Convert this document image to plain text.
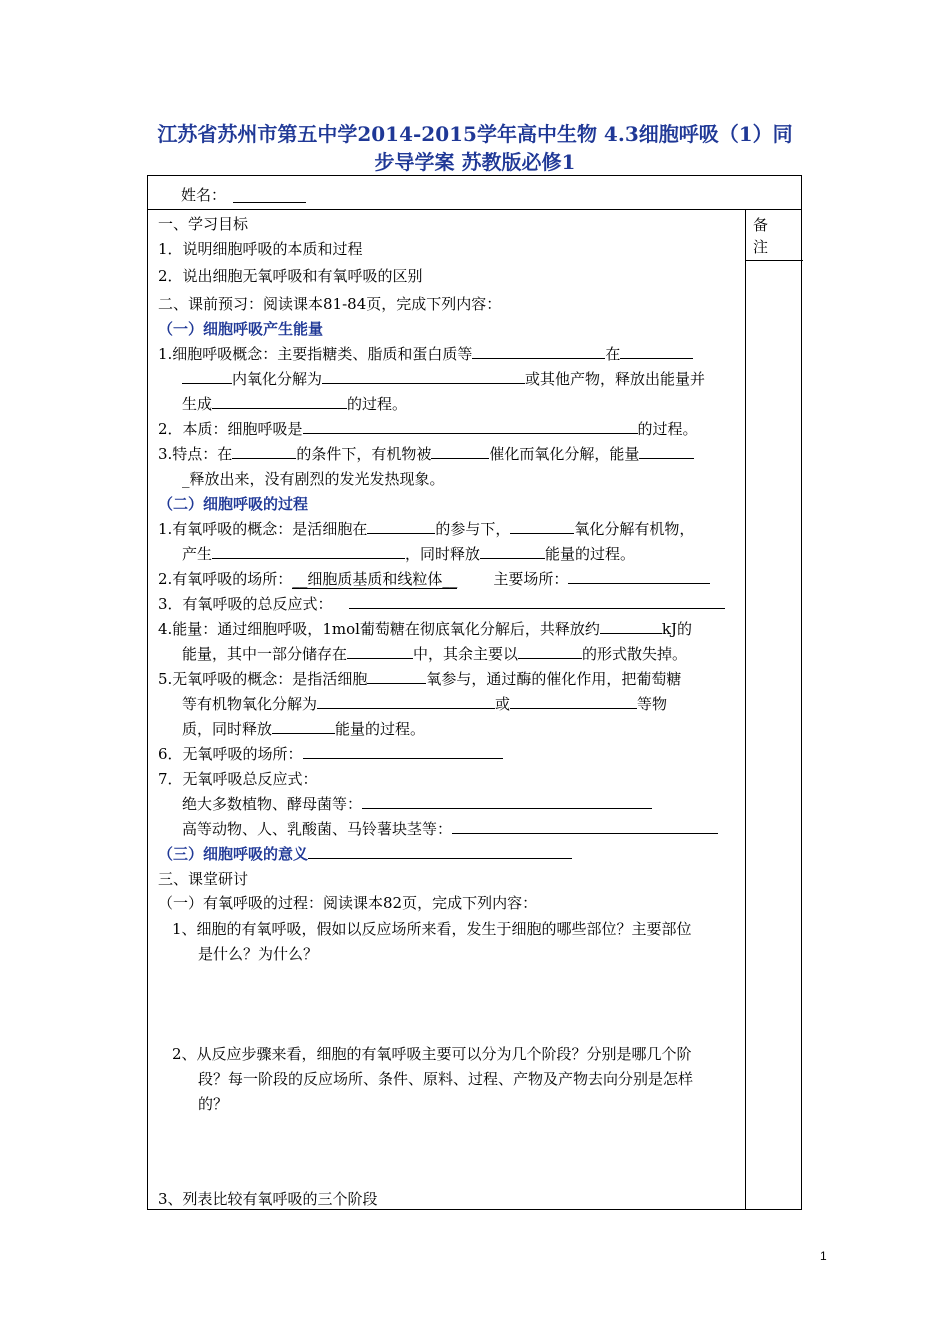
江苏省苏州市第五中学2014-2015学年高中生物 4.3细胞呼吸（1）同
步导学案 苏教版必修1
姓名：
备
注
一、学习目标
1．说明细胞呼吸的本质和过程
2．说出细胞无氧呼吸和有氧呼吸的区别
二、课前预习：阅读课本81-84页，完成下列内容：
（一）细胞呼吸产生能量
1.细胞呼吸概念：主要指糖类、脂质和蛋白质等	在
内氧化分解为	或其他产物，释放出能量并
生成	的过程。
2．本质：细胞呼吸是	的过程。
3.特点：在	的条件下，有机物被	催化而氧化分解，能量
_释放出来，没有剧烈的发光发热现象。
（二）细胞呼吸的过程
1.有氧呼吸的概念：是活细胞在	的参与下，	氧化分解有机物，
产生	，同时释放	能量的过程。
2.有氧呼吸的场所：__细胞质基质和线粒体__ 主要场所：
3．有氧呼吸的总反应式：
4.能量：通过细胞呼吸，1mol葡萄糖在彻底氧化分解后，共释放约	kJ的
能量，其中一部分储存在	中，其余主要以	的形式散失掉。
5.无氧呼吸的概念：是指活细胞	氧参与，通过酶的催化作用，把葡萄糖
等有机物氧化分解为	或	等物
质，同时释放	能量的过程。
6．无氧呼吸的场所：
7．无氧呼吸总反应式：
绝大多数植物、酵母菌等：
高等动物、人、乳酸菌、马铃薯块茎等：
（三）细胞呼吸的意义
三、课堂研讨
（一）有氧呼吸的过程：阅读课本82页，完成下列内容：
1、细胞的有氧呼吸，假如以反应场所来看，发生于细胞的哪些部位？主要部位
是什么？为什么？
2、从反应步骤来看，细胞的有氧呼吸主要可以分为几个阶段？分别是哪几个阶
段？每一阶段的反应场所、条件、原料、过程、产物及产物去向分别是怎样
的？
3、列表比较有氧呼吸的三个阶段
1
